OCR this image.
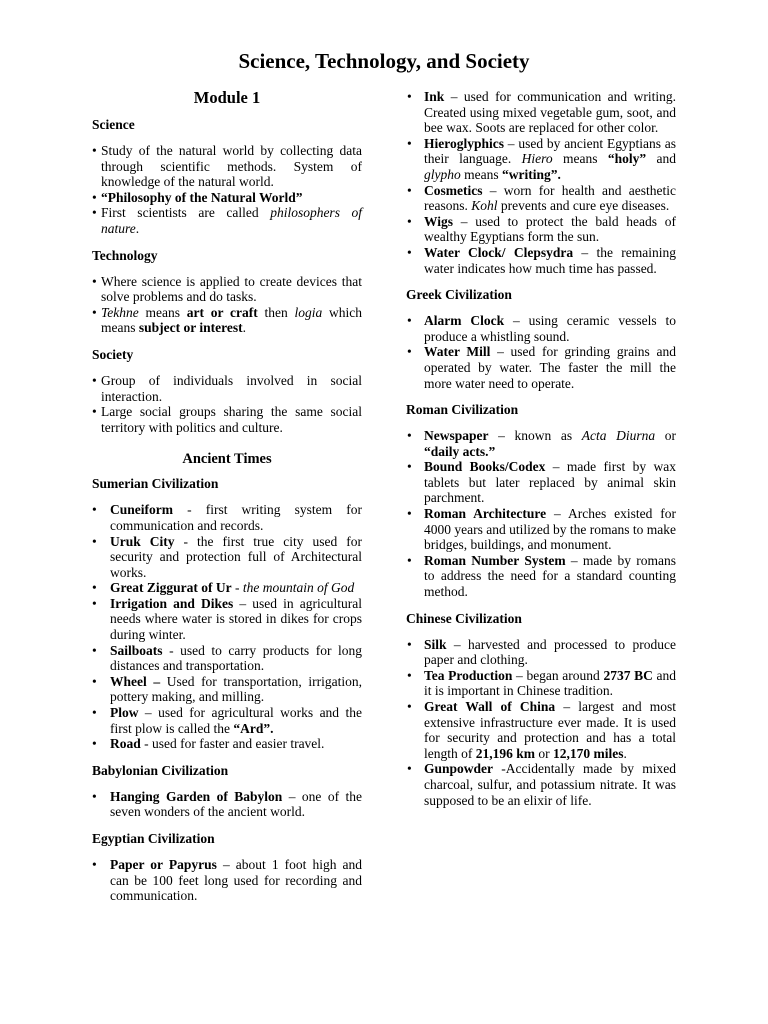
Science, Technology, and Society
Module 1
Science
• Study of the natural world by collecting data through scientific methods. System of knowledge of the natural world.
• “Philosophy of the Natural World”
• First scientists are called philosophers of nature.
Technology
• Where science is applied to create devices that solve problems and do tasks.
• Tekhne means art or craft then logia which means subject or interest.
Society
• Group of individuals involved in social interaction.
• Large social groups sharing the same social territory with politics and culture.
Ancient Times
Sumerian Civilization
• Cuneiform - first writing system for communication and records.
• Uruk City - the first true city used for security and protection full of Architectural works.
• Great Ziggurat of Ur - the mountain of God
• Irrigation and Dikes – used in agricultural needs where water is stored in dikes for crops during winter.
• Sailboats - used to carry products for long distances and transportation.
• Wheel – Used for transportation, irrigation, pottery making, and milling.
• Plow – used for agricultural works and the first plow is called the “Ard”.
• Road - used for faster and easier travel.
Babylonian Civilization
• Hanging Garden of Babylon – one of the seven wonders of the ancient world.
Egyptian Civilization
• Paper or Papyrus – about 1 foot high and can be 100 feet long used for recording and communication.
• Ink – used for communication and writing. Created using mixed vegetable gum, soot, and bee wax. Soots are replaced for other color.
• Hieroglyphics – used by ancient Egyptians as their language. Hiero means “holy” and glypho means “writing”.
• Cosmetics – worn for health and aesthetic reasons. Kohl prevents and cure eye diseases.
• Wigs – used to protect the bald heads of wealthy Egyptians form the sun.
• Water Clock/ Clepsydra – the remaining water indicates how much time has passed.
Greek Civilization
• Alarm Clock – using ceramic vessels to produce a whistling sound.
• Water Mill – used for grinding grains and operated by water. The faster the mill the more water need to operate.
Roman Civilization
• Newspaper – known as Acta Diurna or “daily acts.”
• Bound Books/Codex – made first by wax tablets but later replaced by animal skin parchment.
• Roman Architecture – Arches existed for 4000 years and utilized by the romans to make bridges, buildings, and monument.
• Roman Number System – made by romans to address the need for a standard counting method.
Chinese Civilization
• Silk – harvested and processed to produce paper and clothing.
• Tea Production – began around 2737 BC and it is important in Chinese tradition.
• Great Wall of China – largest and most extensive infrastructure ever made. It is used for security and protection and has a total length of 21,196 km or 12,170 miles.
• Gunpowder -Accidentally made by mixed charcoal, sulfur, and potassium nitrate. It was supposed to be an elixir of life.
